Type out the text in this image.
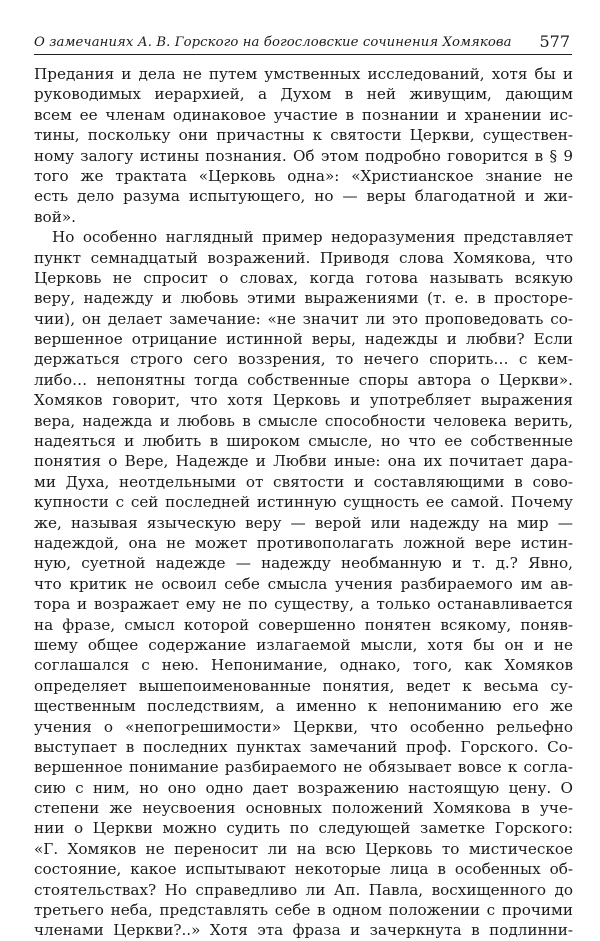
О замечаниях А. В. Горского на богословские сочинения Хомякова 577
Предания и дела не путем умственных исследований, хотя бы и
руководимых иерархией, а Духом в ней живущим, дающим
всем ее членам одинаковое участие в познании и хранении ис-
тины, поскольку они причастны к святости Церкви, существен-
ному залогу истины познания. Об этом подробно говорится в § 9
того же трактата «Церковь одна»: «Христианское знание не
есть дело разума испытующего, но — веры благодатной и жи-
вой».
Но особенно наглядный пример недоразумения представляет
пункт семнадцатый возражений. Приводя слова Хомякова, что
Церковь не спросит о словах, когда готова называть всякую
веру, надежду и любовь этими выражениями (т. е. в просторе-
чии), он делает замечание: «не значит ли это проповедовать со-
вершенное отрицание истинной веры, надежды и любви? Если
держаться строго сего воззрения, то нечего спорить… с кем-
либо… непонятны тогда собственные споры автора о Церкви».
Хомяков говорит, что хотя Церковь и употребляет выражения
вера, надежда и любовь в смысле способности человека верить,
надеяться и любить в широком смысле, но что ее собственные
понятия о Вере, Надежде и Любви иные: она их почитает дара-
ми Духа, неотдельными от святости и составляющими в сово-
купности с сей последней истинную сущность ее самой. Почему
же, называя языческую веру — верой или надежду на мир —
надеждой, она не может противополагать ложной вере истин-
ную, суетной надежде — надежду необманную и т. д.? Явно,
что критик не освоил себе смысла учения разбираемого им ав-
тора и возражает ему не по существу, а только останавливается
на фразе, смысл которой совершенно понятен всякому, поняв-
шему общее содержание излагаемой мысли, хотя бы он и не
соглашался с нею. Непонимание, однако, того, как Хомяков
определяет вышепоименованные понятия, ведет к весьма су-
щественным последствиям, а именно к непониманию его же
учения о «непогрешимости» Церкви, что особенно рельефно
выступает в последних пунктах замечаний проф. Горского. Со-
вершенное понимание разбираемого не обязывает вовсе к согла-
сию с ним, но оно одно дает возражению настоящую цену. О
степени же неусвоения основных положений Хомякова в уче-
нии о Церкви можно судить по следующей заметке Горского:
«Г. Хомяков не переносит ли на всю Церковь то мистическое
состояние, какое испытывают некоторые лица в особенных об-
стоятельствах? Но справедливо ли Ап. Павла, восхищенного до
третьего неба, представлять себе в одном положении с прочими
членами Церкви?..» Хотя эта фраза и зачеркнута в подлинни-
